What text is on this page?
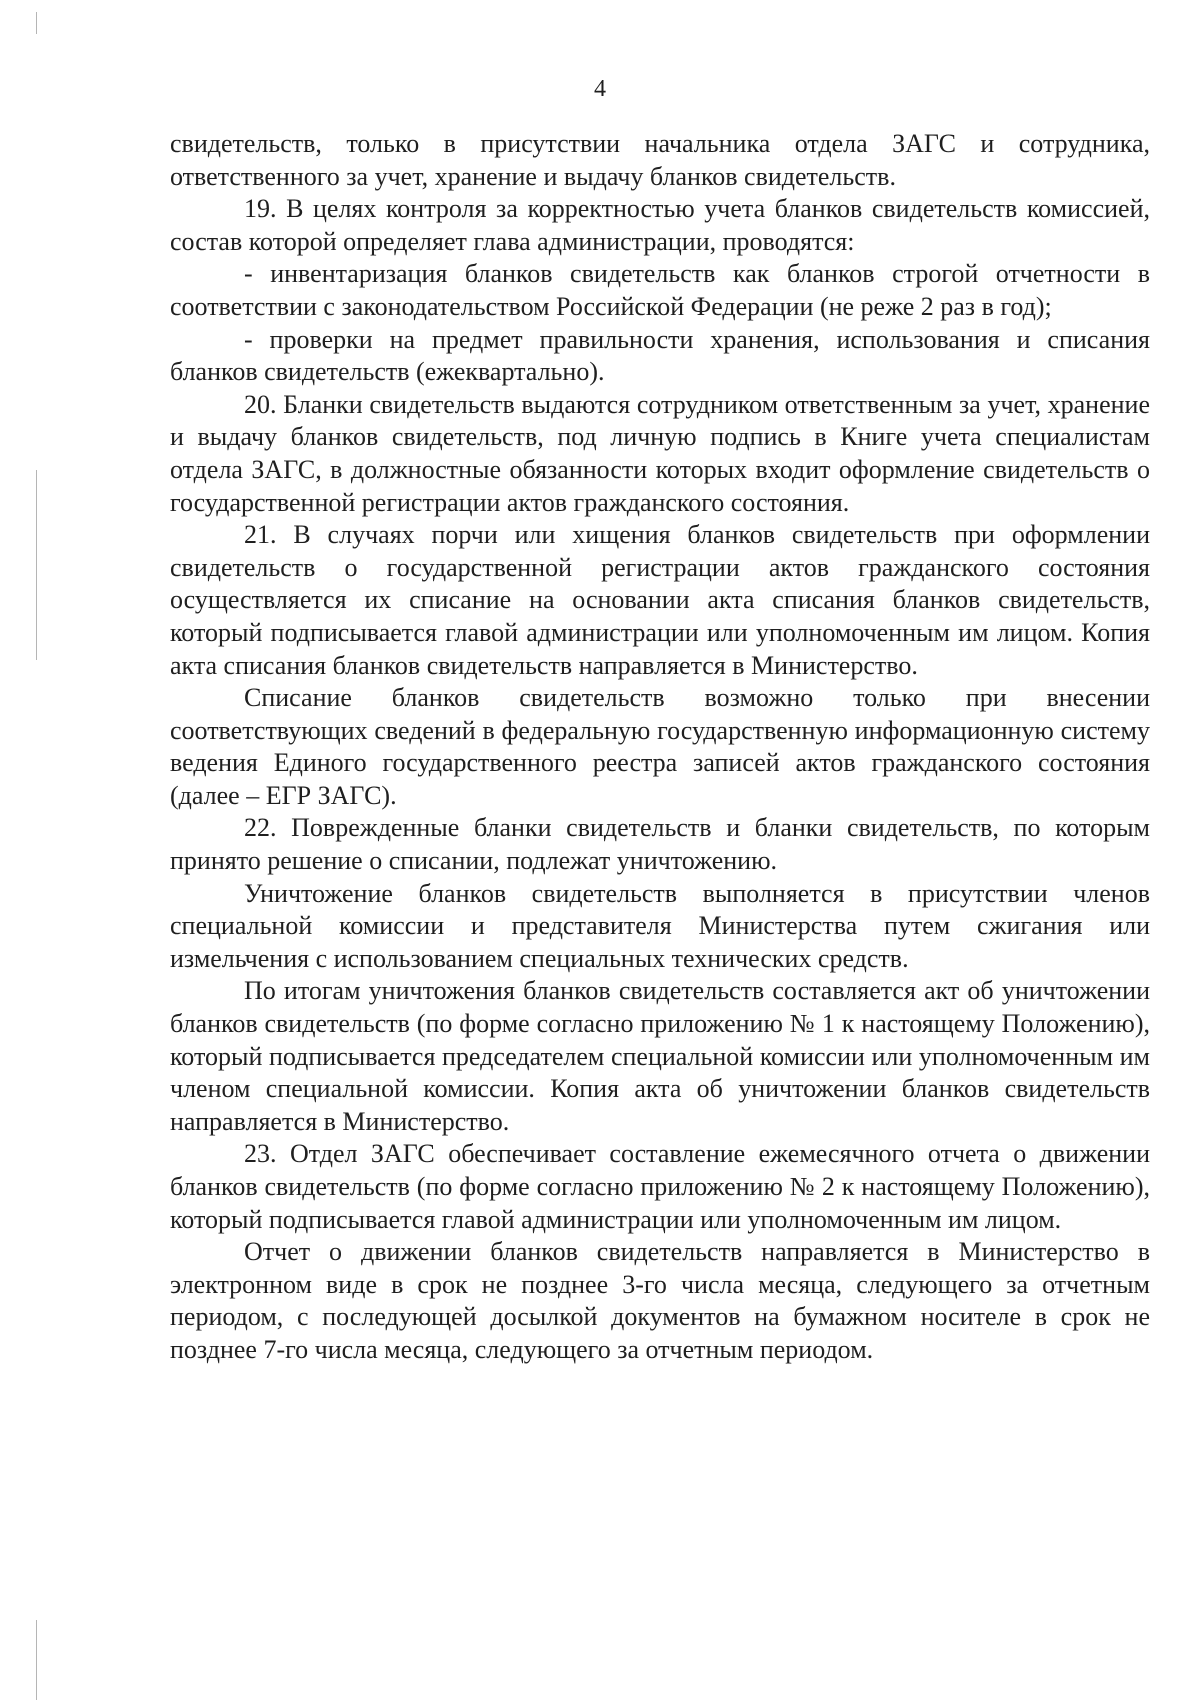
4

свидетельств, только в присутствии начальника отдела ЗАГС и сотрудника, ответственного за учет, хранение и выдачу бланков свидетельств.

19. В целях контроля за корректностью учета бланков свидетельств комиссией, состав которой определяет глава администрации, проводятся:

- инвентаризация бланков свидетельств как бланков строгой отчетности в соответствии с законодательством Российской Федерации (не реже 2 раз в год);

- проверки на предмет правильности хранения, использования и списания бланков свидетельств (ежеквартально).

20. Бланки свидетельств выдаются сотрудником ответственным за учет, хранение и выдачу бланков свидетельств, под личную подпись в Книге учета специалистам отдела ЗАГС, в должностные обязанности которых входит оформление свидетельств о государственной регистрации актов гражданского состояния.

21. В случаях порчи или хищения бланков свидетельств при оформлении свидетельств о государственной регистрации актов гражданского состояния осуществляется их списание на основании акта списания бланков свидетельств, который подписывается главой администрации или уполномоченным им лицом. Копия акта списания бланков свидетельств направляется в Министерство.

Списание бланков свидетельств возможно только при внесении соответствующих сведений в федеральную государственную информационную систему ведения Единого государственного реестра записей актов гражданского состояния (далее – ЕГР ЗАГС).

22. Поврежденные бланки свидетельств и бланки свидетельств, по которым принято решение о списании, подлежат уничтожению.

Уничтожение бланков свидетельств выполняется в присутствии членов специальной комиссии и представителя Министерства путем сжигания или измельчения с использованием специальных технических средств.

По итогам уничтожения бланков свидетельств составляется акт об уничтожении бланков свидетельств (по форме согласно приложению № 1 к настоящему Положению), который подписывается председателем специальной комиссии или уполномоченным им членом специальной комиссии. Копия акта об уничтожении бланков свидетельств направляется в Министерство.

23. Отдел ЗАГС обеспечивает составление ежемесячного отчета о движении бланков свидетельств (по форме согласно приложению № 2 к настоящему Положению), который подписывается главой администрации или уполномоченным им лицом.

Отчет о движении бланков свидетельств направляется в Министерство в электронном виде в срок не позднее 3-го числа месяца, следующего за отчетным периодом, с последующей досылкой документов на бумажном носителе в срок не позднее 7-го числа месяца, следующего за отчетным периодом.
